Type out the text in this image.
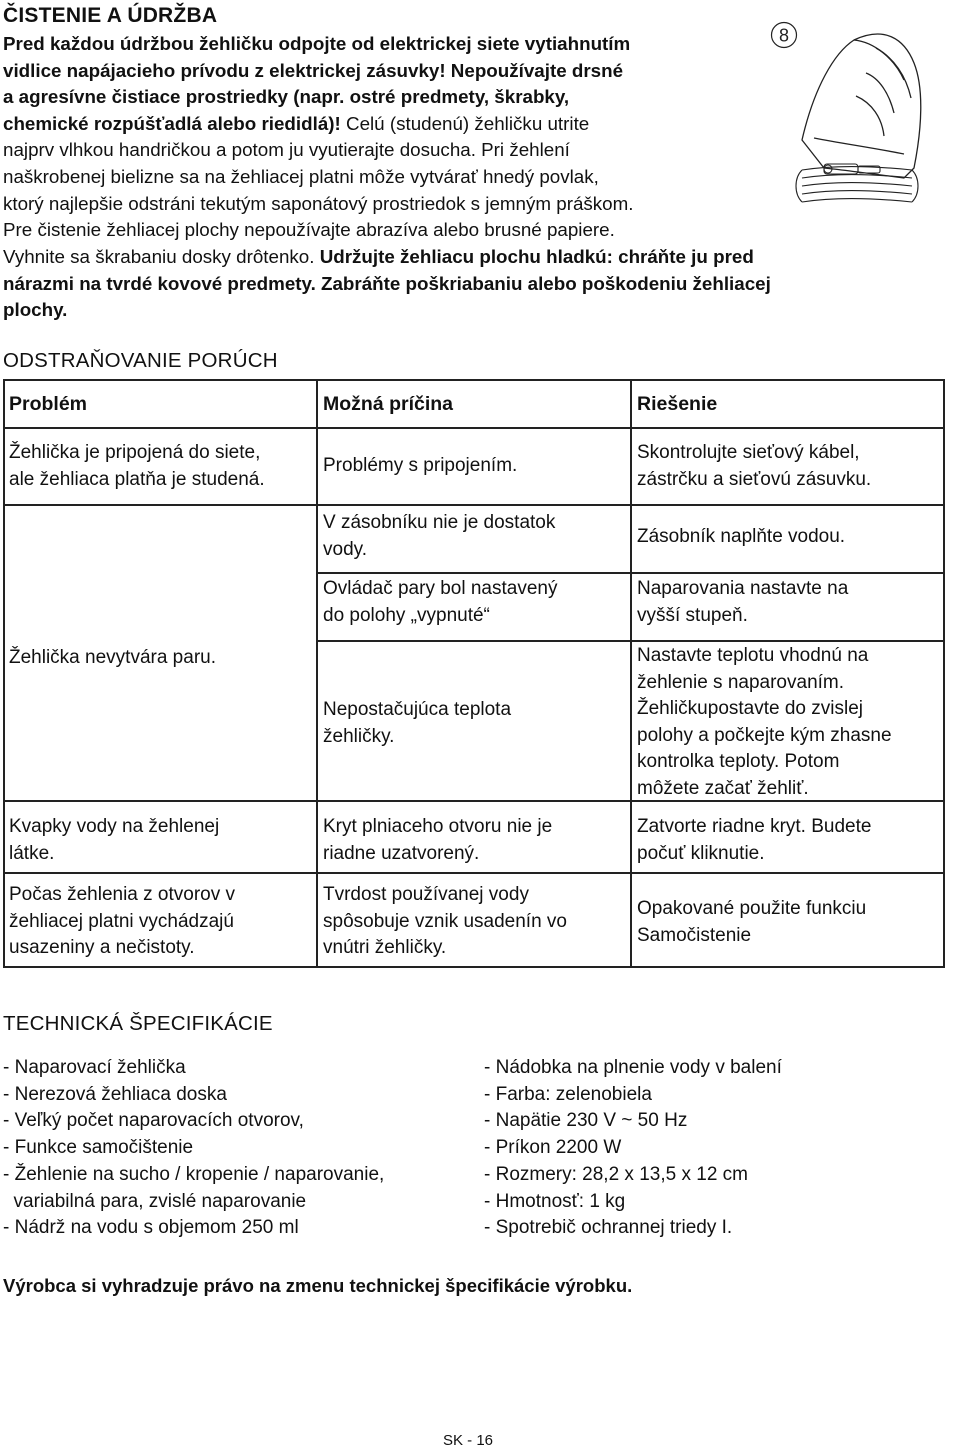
ČISTENIE A ÚDRŽBA
Pred každou údržbou žehličku odpojte od elektrickej siete vytiahnutím
vidlice napájacieho prívodu z elektrickej zásuvky! Nepoužívajte drsné
a agresívne čistiace prostriedky (napr. ostré predmety, škrabky,
chemické rozpúšťadlá alebo riedidlá)! Celú (studenú) žehličku utrite
najprv vlhkou handričkou a potom ju vyutierajte dosucha. Pri žehlení
naškrobenej bielizne sa na žehliacej platni môže vytvárať hnedý povlak,
ktorý najlepšie odstráni tekutým saponátový prostriedok s jemným práškom.
Pre čistenie žehliacej plochy nepoužívajte abrazíva alebo brusné papiere.
Vyhnite sa škrabaniu dosky drôtenko. Udržujte žehliacu plochu hladkú: chráňte ju pred
nárazmi na tvrdé kovové predmety. Zabráňte poškriabaniu alebo poškodeniu žehliacej
plochy.
8
ODSTRAŇOVANIE PORÚCH
Problém	Možná príčina	Riešenie
Žehlička je pripojená do siete,
ale žehliaca platňa je studená.
Problémy s pripojením.
Skontrolujte sieťový kábel,
zástrčku a sieťovú zásuvku.
Žehlička nevytvára paru.
V zásobníku nie je dostatok
vody.
Zásobník naplňte vodou.
Ovládač pary bol nastavený
do polohy „vypnuté“
Naparovania nastavte na
vyšší stupeň.
Nepostačujúca teplota
žehličky.
Nastavte teplotu vhodnú na
žehlenie s naparovaním.
Žehličkupostavte do zvislej
polohy a počkejte kým zhasne
kontrolka teploty. Potom
môžete začať žehliť.
Kvapky vody na žehlenej
látke.
Kryt plniaceho otvoru nie je
riadne uzatvorený.
Zatvorte riadne kryt. Budete
počuť kliknutie.
Počas žehlenia z otvorov v
žehliacej platni vychádzajú
usazeniny a nečistoty.
Tvrdost používanej vody
spôsobuje vznik usadenín vo
vnútri žehličky.
Opakované použite funkciu
Samočistenie
TECHNICKÁ ŠPECIFIKÁCIE
- Naparovací žehlička
- Nerezová žehliaca doska
- Veľký počet naparovacích otvorov,
- Funkce samočištenie
- Žehlenie na sucho / kropenie / naparovanie,
variabilná para, zvislé naparovanie
- Nádrž na vodu s objemom 250 ml
- Nádobka na plnenie vody v balení
- Farba: zelenobiela
- Napätie 230 V ~ 50 Hz
- Príkon 2200 W
- Rozmery: 28,2 x 13,5 x 12 cm
- Hmotnosť: 1 kg
- Spotrebič ochrannej triedy I.
Výrobca si vyhradzuje právo na zmenu technickej špecifikácie výrobku.
SK - 16
